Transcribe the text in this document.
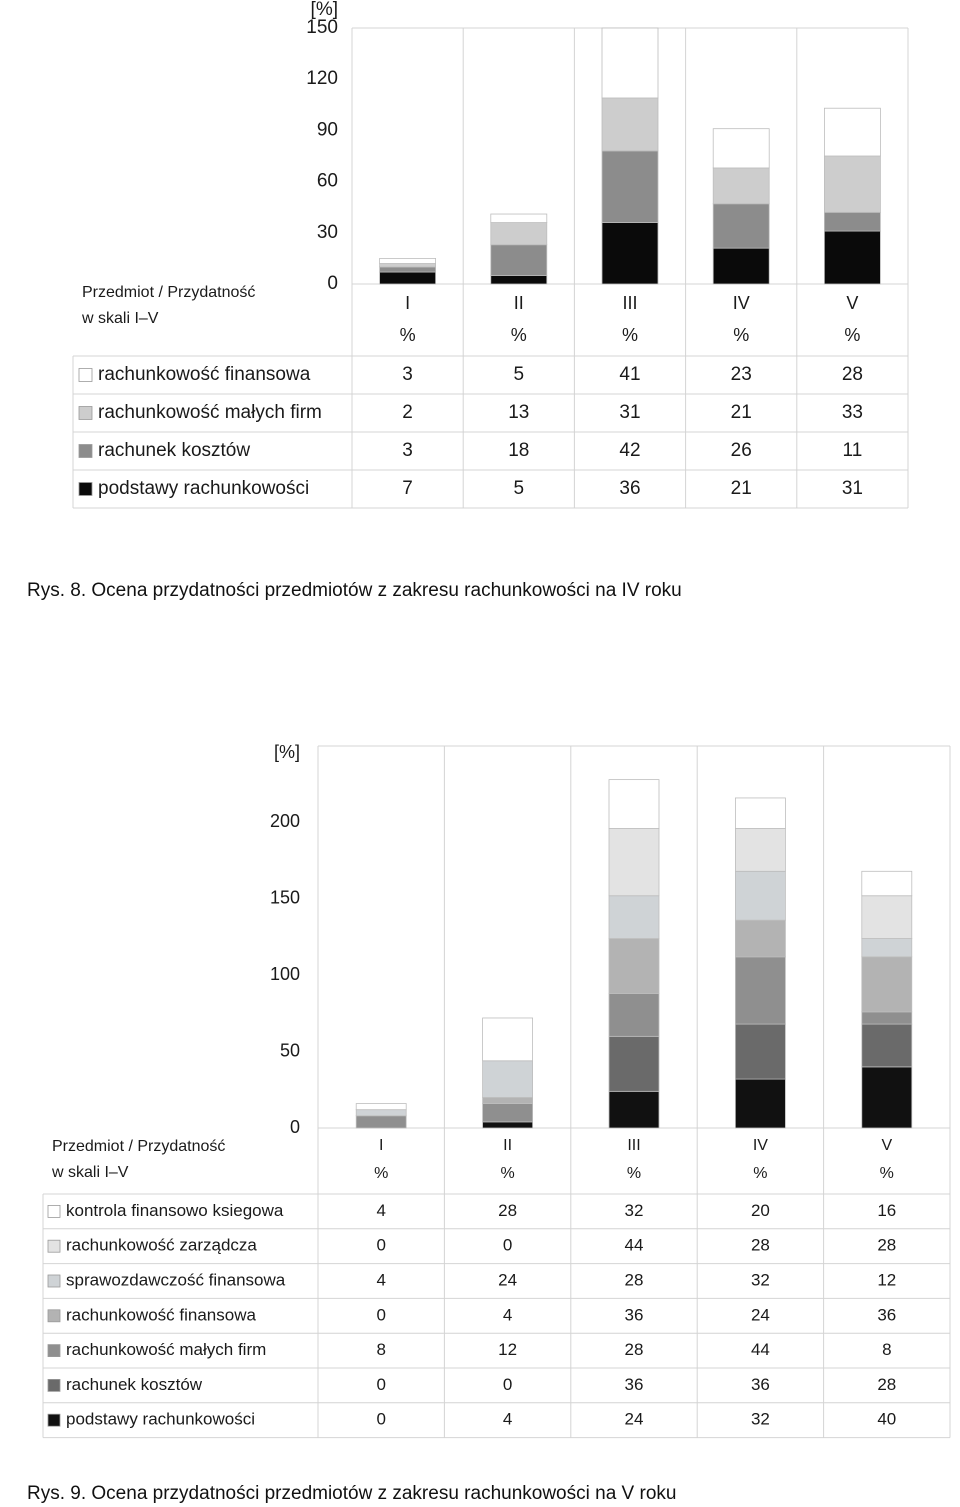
[%]
0
30
60
90
120
150
Przedmiot / Przydatność
w skali I–V
I
%
II
%
III
%
IV
%
V
%
rachunkowość finansowa	3	5	41	23	28
rachunkowość małych firm	2	13	31	21	33
rachunek kosztów	3	18	42	26	11
podstawy rachunkowości	7	5	36	21	31
[%]
0
50
100
150
200
Przedmiot / Przydatność
w skali I–V
I
%
II
%
III
%
IV
%
V
%
kontrola finansowo ksiegowa	4	28	32	20	16
rachunkowość zarządcza	0	0	44	28	28
sprawozdawczość finansowa	4	24	28	32	12
rachunkowość finansowa	0	4	36	24	36
rachunkowość małych firm	8	12	28	44	8
rachunek kosztów	0	0	36	36	28
podstawy rachunkowości	0	4	24	32	40
Rys. 8. Ocena przydatności przedmiotów z zakresu rachunkowości na IV roku
Rys. 9. Ocena przydatności przedmiotów z zakresu rachunkowości na V roku
